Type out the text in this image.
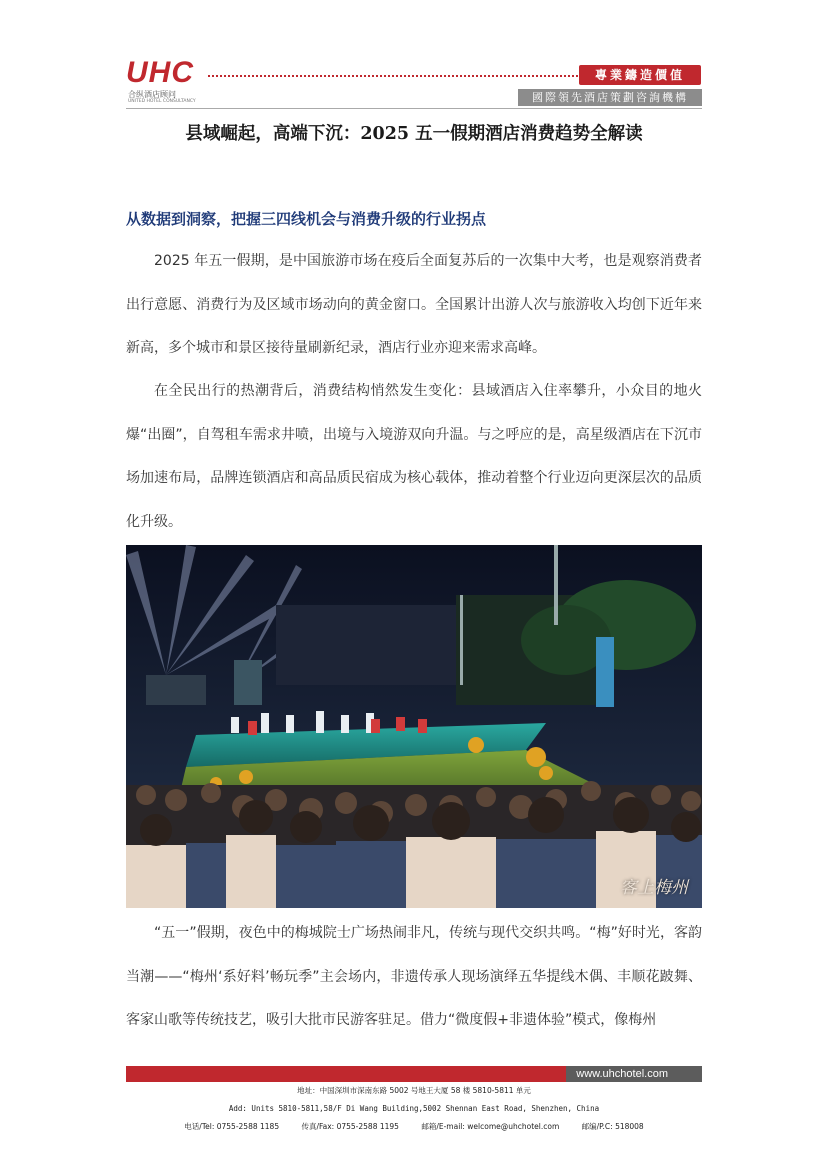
UHC
合纵酒店顾问
UNITED HOTEL CONSULTANCY
專業鑄造價值
國際領先酒店策劃咨詢機構
县域崛起，高端下沉：2025 五一假期酒店消费趋势全解读
从数据到洞察，把握三四线机会与消费升级的行业拐点

2025 年五一假期，是中国旅游市场在疫后全面复苏后的一次集中大考，也是观察消费者出行意愿、消费行为及区域市场动向的黄金窗口。全国累计出游人次与旅游收入均创下近年来新高，多个城市和景区接待量刷新纪录，酒店行业亦迎来需求高峰。

在全民出行的热潮背后，消费结构悄然发生变化：县域酒店入住率攀升，小众目的地火爆“出圈”，自驾租车需求井喷，出境与入境游双向升温。与之呼应的是，高星级酒店在下沉市场加速布局，品牌连锁酒店和高品质民宿成为核心载体，推动着整个行业迈向更深层次的品质化升级。

客上梅州

“五一”假期，夜色中的梅城院士广场热闹非凡，传统与现代交织共鸣。“梅”好时光，客韵当潮——“梅州‘系好料’畅玩季”主会场内，非遗传承人现场演绎五华提线木偶、丰顺花跛舞、客家山歌等传统技艺，吸引大批市民游客驻足。借力“微度假+非遗体验”模式，像梅州

www.uhchotel.com
地址：中国深圳市深南东路 5002 号地王大厦 58 楼 5810-5811 单元
Add: Units 5810-5811,58/F Di Wang Building,5002 Shennan East Road, Shenzhen, China
电话/Tel: 0755-2588 1185	传真/Fax: 0755-2588 1195	邮箱/E-mail: welcome@uhchotel.com	邮编/P.C: 518008
